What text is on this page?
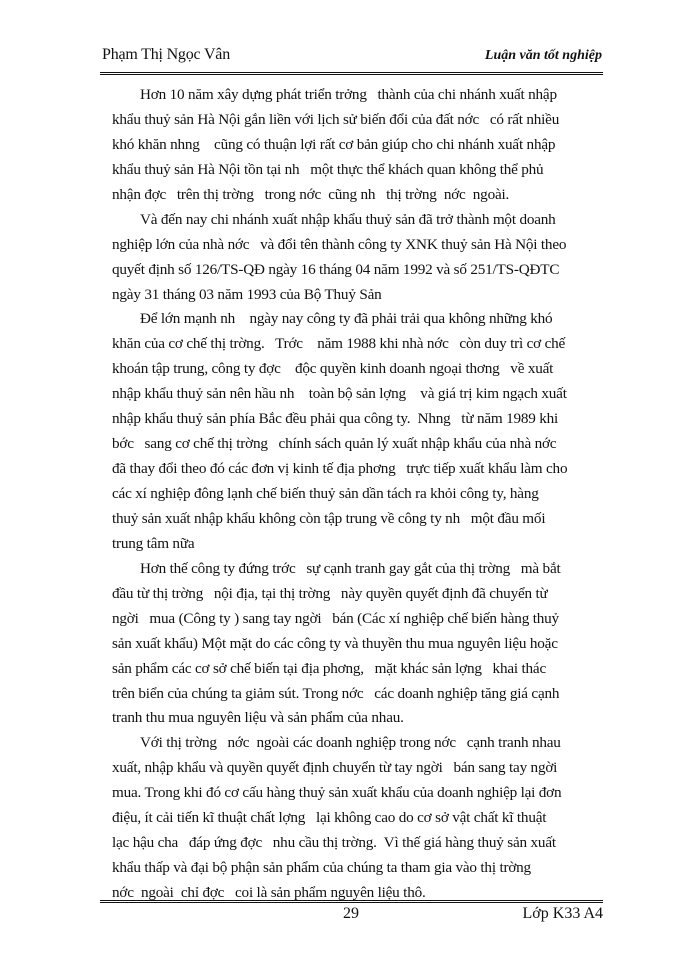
Phạm Thị Ngọc Vân	Luận văn tốt nghiệp
Hơn 10 năm xây dựng phát triển trởng   thành của chi nhánh xuất nhập
khẩu thuỷ sản Hà Nội gắn liền với lịch sử biến đổi của đất nớc   có rất nhiều
khó khăn nhng    cũng có thuận lợi rất cơ bản giúp cho chi nhánh xuất nhập
khẩu thuỷ sản Hà Nội tồn tại nh   một thực thể khách quan không thể phủ
nhận đợc   trên thị trờng   trong nớc  cũng nh   thị trờng  nớc  ngoài.
Và đến nay chi nhánh xuất nhập khẩu thuỷ sản đã trở thành một doanh
nghiệp lớn của nhà nớc   và đổi tên thành công ty XNK thuỷ sản Hà Nội theo
quyết định số 126/TS-QĐ ngày 16 tháng 04 năm 1992 và số 251/TS-QĐTC
ngày 31 tháng 03 năm 1993 của Bộ Thuỷ Sản
Để lớn mạnh nh    ngày nay công ty đã phải trải qua không những khó
khăn của cơ chế thị trờng.   Trớc    năm 1988 khi nhà nớc   còn duy trì cơ chế
khoán tập trung, công ty đợc    độc quyền kinh doanh ngoại thơng   về xuất
nhập khẩu thuỷ sản nên hầu nh    toàn bộ sản lợng    và giá trị kim ngạch xuất
nhập khẩu thuỷ sản phía Bắc đều phải qua công ty.  Nhng   từ năm 1989 khi
bớc   sang cơ chế thị trờng   chính sách quản lý xuất nhập khẩu của nhà nớc
đã thay đổi theo đó các đơn vị kinh tế địa phơng   trực tiếp xuất khẩu làm cho
các xí nghiệp đông lạnh chế biến thuỷ sản dần tách ra khỏi công ty, hàng
thuỷ sản xuất nhập khẩu không còn tập trung về công ty nh   một đầu mối
trung tâm nữa
Hơn thế công ty đứng trớc   sự cạnh tranh gay gắt của thị trờng   mà bắt
đầu từ thị trờng   nội địa, tại thị trờng   này quyền quyết định đã chuyển từ
ngời   mua (Công ty ) sang tay ngời   bán (Các xí nghiệp chế biến hàng thuỷ
sản xuất khẩu) Một mặt do các công ty và thuyền thu mua nguyên liệu hoặc
sản phẩm các cơ sở chế biến tại địa phơng,   mặt khác sản lợng   khai thác
trên biển của chúng ta giảm sút. Trong nớc   các doanh nghiệp tăng giá cạnh
tranh thu mua nguyên liệu và sản phẩm của nhau.
Với thị trờng   nớc  ngoài các doanh nghiệp trong nớc   cạnh tranh nhau
xuất, nhập khẩu và quyền quyết định chuyển từ tay ngời   bán sang tay ngời
mua. Trong khi đó cơ cấu hàng thuỷ sản xuất khẩu của doanh nghiệp lại đơn
điệu, ít cải tiến kĩ thuật chất lợng   lại không cao do cơ sở vật chất kĩ thuật
lạc hậu cha   đáp ứng đợc   nhu cầu thị trờng.  Vì thế giá hàng thuỷ sản xuất
khẩu thấp và đại bộ phận sản phẩm của chúng ta tham gia vào thị trờng
nớc  ngoài  chỉ đợc   coi là sản phẩm nguyên liệu thô.
29	Lớp K33 A4
